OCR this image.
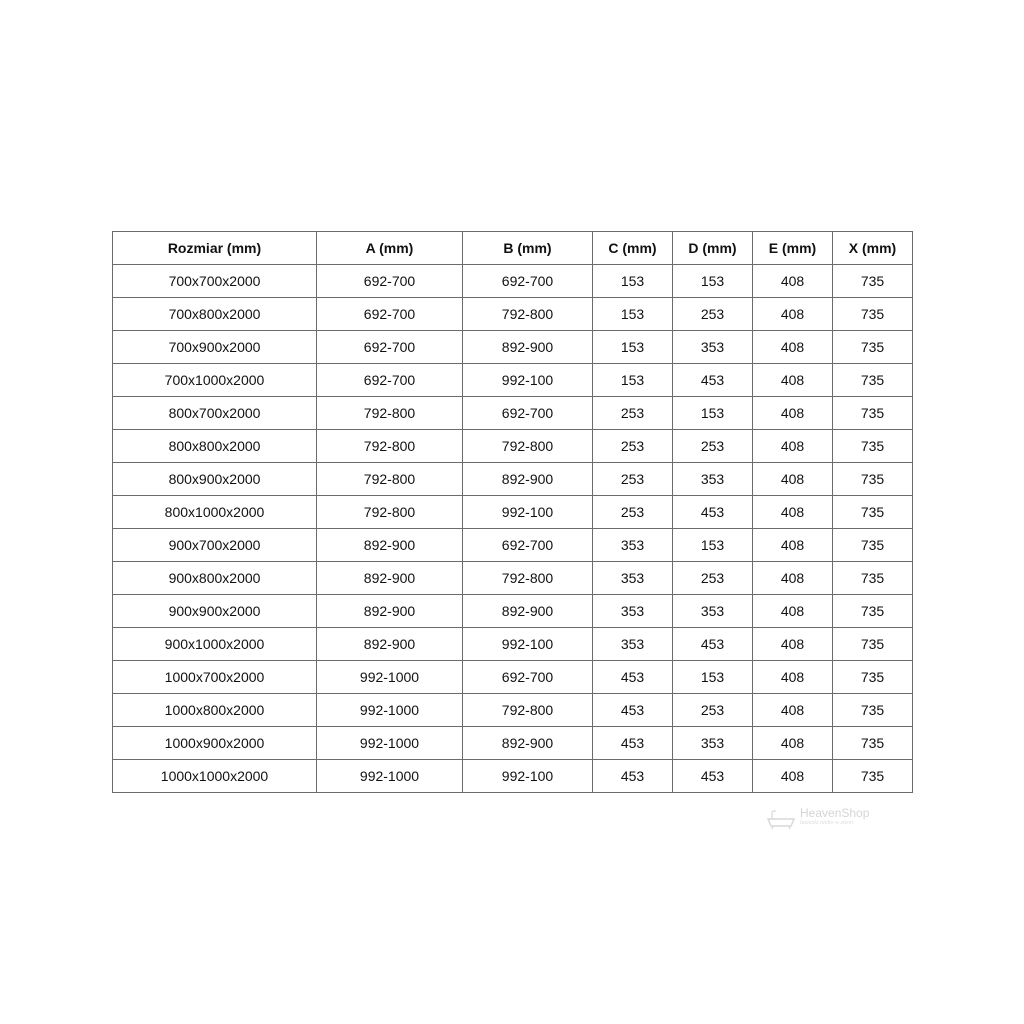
Rozmiar (mm)	A (mm)	B (mm)	C (mm)	D (mm)	E (mm)	X (mm)
700x700x2000	692-700	692-700	153	153	408	735
700x800x2000	692-700	792-800	153	253	408	735
700x900x2000	692-700	892-900	153	353	408	735
700x1000x2000	692-700	992-100	153	453	408	735
800x700x2000	792-800	692-700	253	153	408	735
800x800x2000	792-800	792-800	253	253	408	735
800x900x2000	792-800	892-900	253	353	408	735
800x1000x2000	792-800	992-100	253	453	408	735
900x700x2000	892-900	692-700	353	153	408	735
900x800x2000	892-900	792-800	353	253	408	735
900x900x2000	892-900	892-900	353	353	408	735
900x1000x2000	892-900	992-100	353	453	408	735
1000x700x2000	992-1000	692-700	453	153	408	735
1000x800x2000	992-1000	792-800	453	253	408	735
1000x900x2000	992-1000	892-900	453	353	408	735
1000x1000x2000	992-1000	992-100	453	453	408	735
HeavenShop
łazienki niebo w ziemi
